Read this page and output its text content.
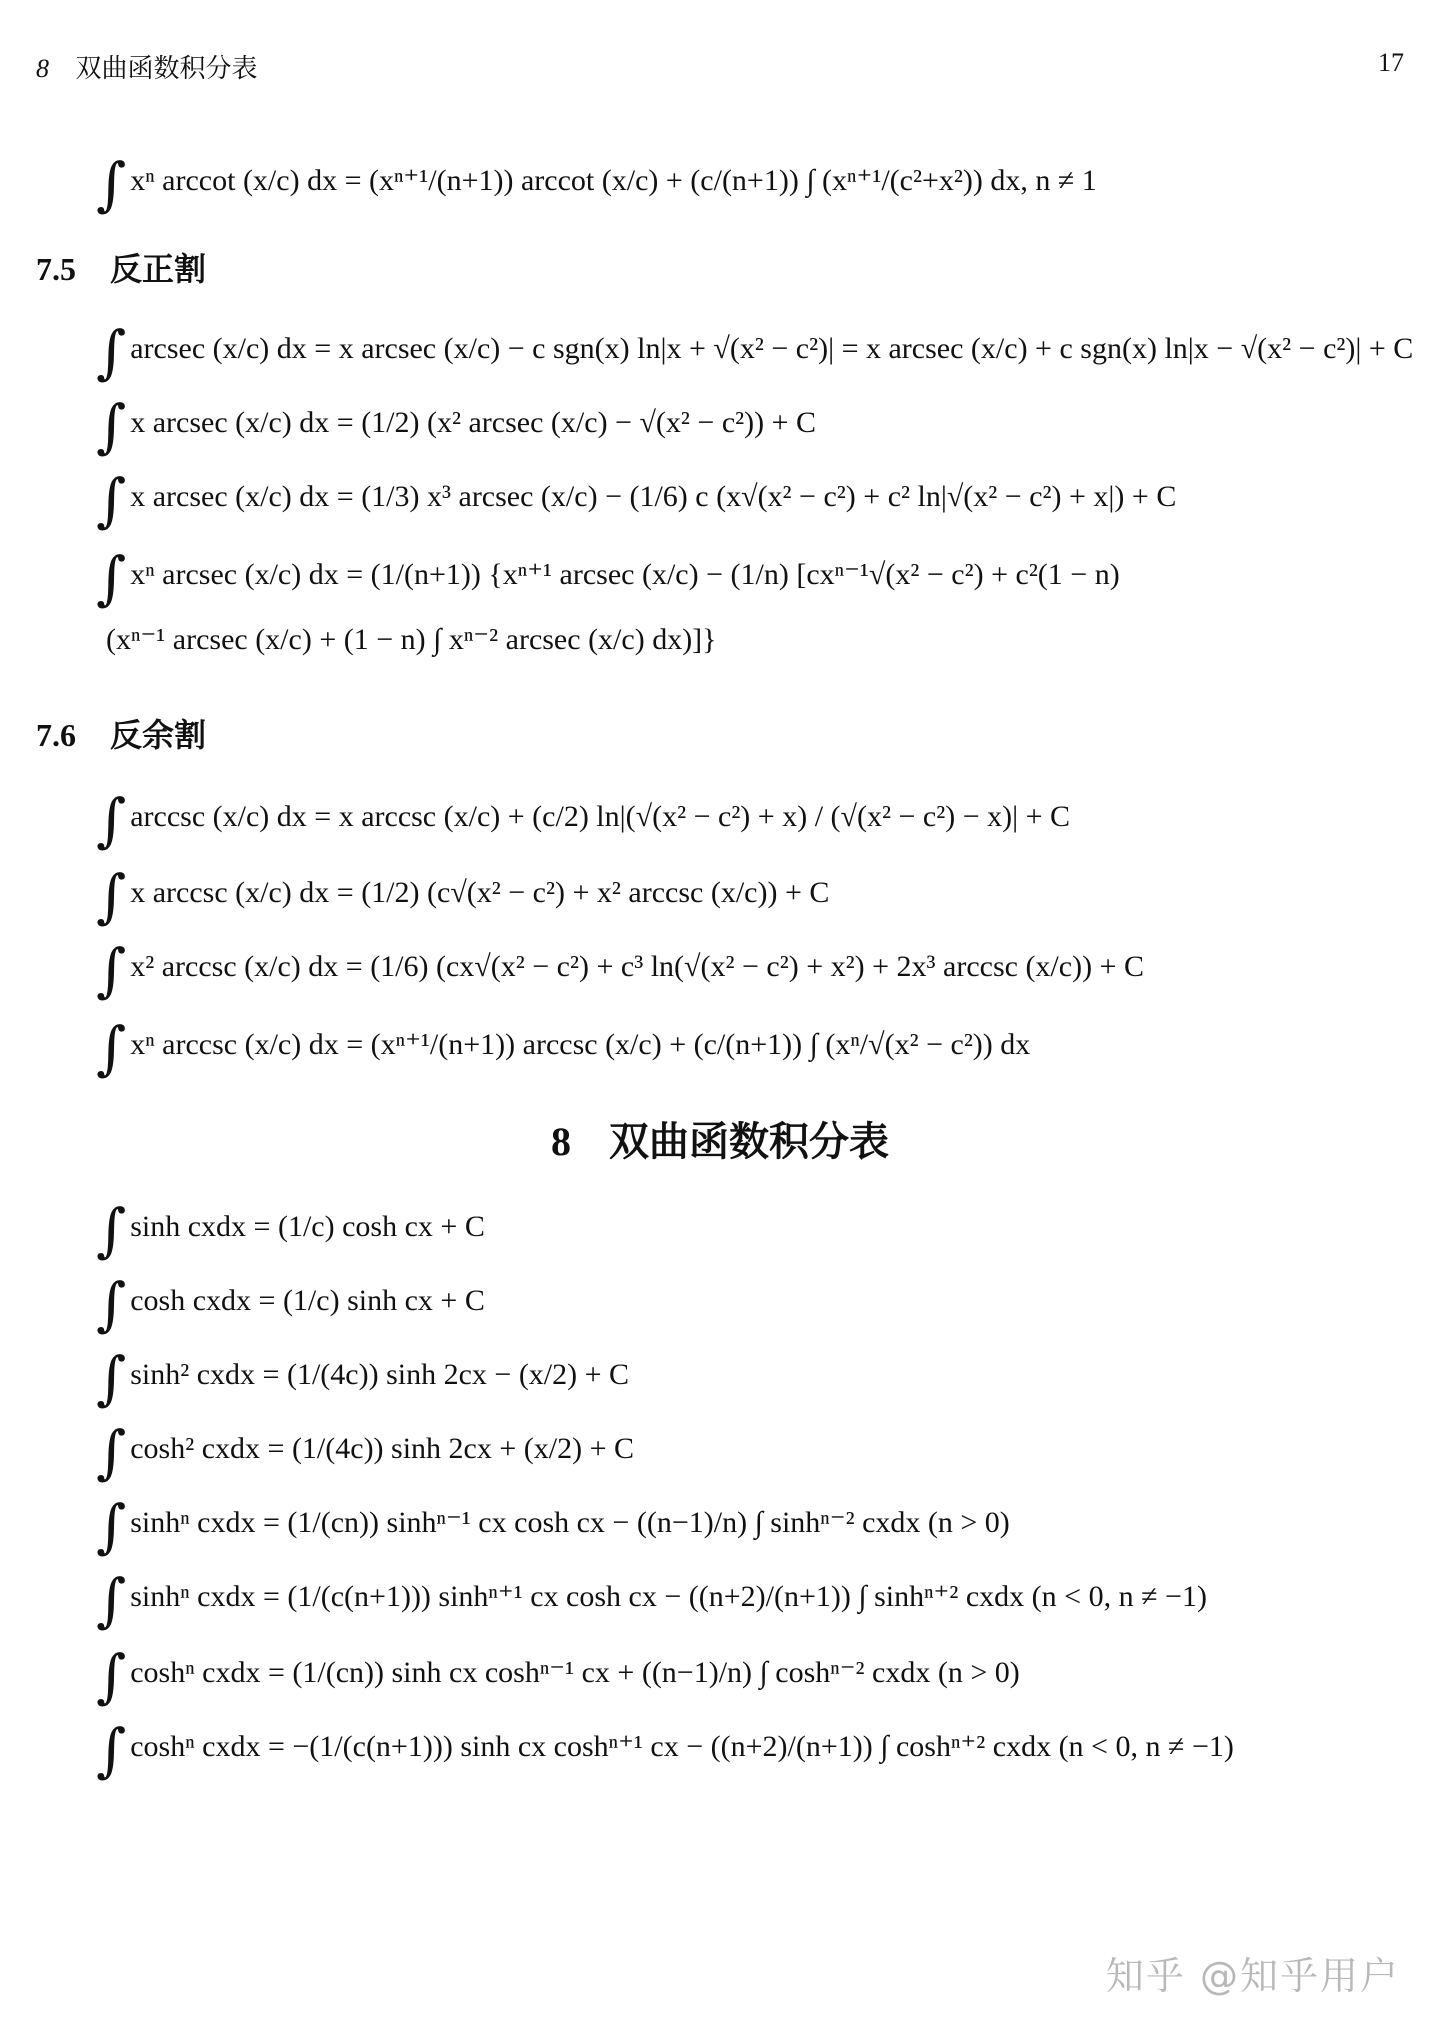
8 双曲函数积分表	17
∫ xⁿ arccot (x/c) dx = (xⁿ⁺¹/(n+1)) arccot (x/c) + (c/(n+1)) ∫ (xⁿ⁺¹/(c²+x²)) dx, n ≠ 1
7.5 反正割
∫ arcsec (x/c) dx = x arcsec (x/c) − c sgn(x) ln|x + √(x² − c²)| = x arcsec (x/c) + c sgn(x) ln|x − √(x² − c²)| + C
∫ x arcsec (x/c) dx = (1/2) (x² arcsec (x/c) − √(x² − c²)) + C
∫ x arcsec (x/c) dx = (1/3) x³ arcsec (x/c) − (1/6) c (x√(x² − c²) + c² ln|√(x² − c²) + x|) + C
∫ xⁿ arcsec (x/c) dx = (1/(n+1)) {xⁿ⁺¹ arcsec (x/c) − (1/n) [cxⁿ⁻¹√(x² − c²) + c²(1 − n)
(xⁿ⁻¹ arcsec (x/c) + (1 − n) ∫ xⁿ⁻² arcsec (x/c) dx)]}
7.6 反余割
∫ arccsc (x/c) dx = x arccsc (x/c) + (c/2) ln|(√(x² − c²) + x) / (√(x² − c²) − x)| + C
∫ x arccsc (x/c) dx = (1/2) (c√(x² − c²) + x² arccsc (x/c)) + C
∫ x² arccsc (x/c) dx = (1/6) (cx√(x² − c²) + c³ ln(√(x² − c²) + x²) + 2x³ arccsc (x/c)) + C
∫ xⁿ arccsc (x/c) dx = (xⁿ⁺¹/(n+1)) arccsc (x/c) + (c/(n+1)) ∫ (xⁿ/√(x² − c²)) dx
8 双曲函数积分表
∫ sinh cxdx = (1/c) cosh cx + C
∫ cosh cxdx = (1/c) sinh cx + C
∫ sinh² cxdx = (1/(4c)) sinh 2cx − (x/2) + C
∫ cosh² cxdx = (1/(4c)) sinh 2cx + (x/2) + C
∫ sinhⁿ cxdx = (1/(cn)) sinhⁿ⁻¹ cx cosh cx − ((n−1)/n) ∫ sinhⁿ⁻² cxdx (n > 0)
∫ sinhⁿ cxdx = (1/(c(n+1))) sinhⁿ⁺¹ cx cosh cx − ((n+2)/(n+1)) ∫ sinhⁿ⁺² cxdx (n < 0, n ≠ −1)
∫ coshⁿ cxdx = (1/(cn)) sinh cx coshⁿ⁻¹ cx + ((n−1)/n) ∫ coshⁿ⁻² cxdx (n > 0)
∫ coshⁿ cxdx = −(1/(c(n+1))) sinh cx coshⁿ⁺¹ cx − ((n+2)/(n+1)) ∫ coshⁿ⁺² cxdx (n < 0, n ≠ −1)
知乎 @知乎用户
